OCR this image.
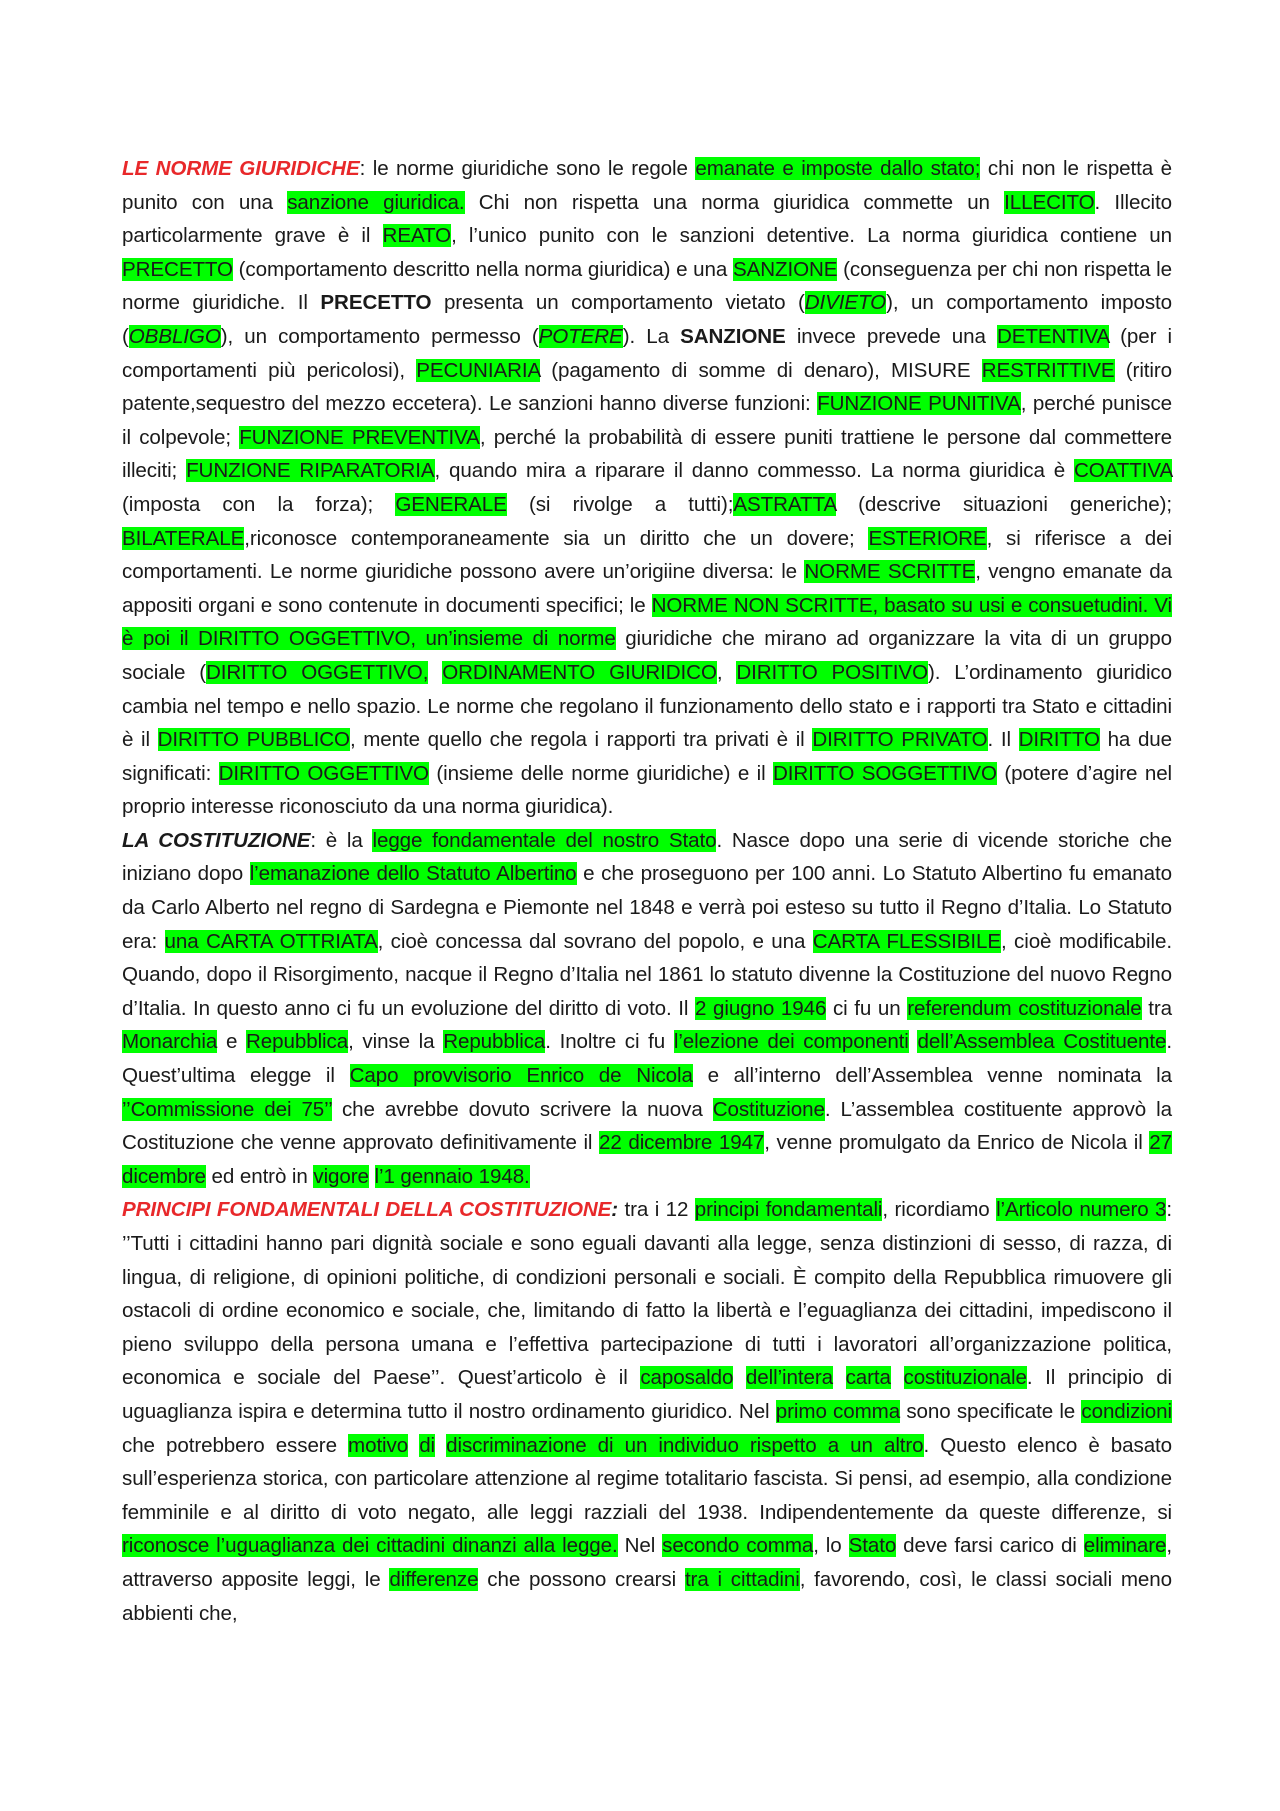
LE NORME GIURIDICHE: le norme giuridiche sono le regole emanate e imposte dallo stato; chi non le rispetta è punito con una sanzione giuridica. Chi non rispetta una norma giuridica commette un ILLECITO. Illecito particolarmente grave è il REATO, l’unico punito con le sanzioni detentive. La norma giuridica contiene un PRECETTO (comportamento descritto nella norma giuridica) e una SANZIONE (conseguenza per chi non rispetta le norme giuridiche. Il PRECETTO presenta un comportamento vietato (DIVIETO), un comportamento imposto (OBBLIGO), un comportamento permesso (POTERE). La SANZIONE invece prevede una DETENTIVA (per i comportamenti più pericolosi), PECUNIARIA (pagamento di somme di denaro), MISURE RESTRITTIVE (ritiro patente,sequestro del mezzo eccetera). Le sanzioni hanno diverse funzioni: FUNZIONE PUNITIVA, perché punisce il colpevole; FUNZIONE PREVENTIVA, perché la probabilità di essere puniti trattiene le persone dal commettere illeciti; FUNZIONE RIPARATORIA, quando mira a riparare il danno commesso. La norma giuridica è COATTIVA (imposta con la forza); GENERALE (si rivolge a tutti);ASTRATTA (descrive situazioni generiche); BILATERALE,riconosce contemporaneamente sia un diritto che un dovere; ESTERIORE, si riferisce a dei comportamenti. Le norme giuridiche possono avere un’origiine diversa: le NORME SCRITTE, vengno emanate da appositi organi e sono contenute in documenti specifici; le NORME NON SCRITTE, basato su usi e consuetudini. Vi è poi il DIRITTO OGGETTIVO, un’insieme di norme giuridiche che mirano ad organizzare la vita di un gruppo sociale (DIRITTO OGGETTIVO, ORDINAMENTO GIURIDICO, DIRITTO POSITIVO). L’ordinamento giuridico cambia nel tempo e nello spazio. Le norme che regolano il funzionamento dello stato e i rapporti tra Stato e cittadini è il DIRITTO PUBBLICO, mente quello che regola i rapporti tra privati è il DIRITTO PRIVATO. Il DIRITTO ha due significati: DIRITTO OGGETTIVO (insieme delle norme giuridiche) e il DIRITTO SOGGETTIVO (potere d’agire nel proprio interesse riconosciuto da una norma giuridica).

LA COSTITUZIONE: è la legge fondamentale del nostro Stato. Nasce dopo una serie di vicende storiche che iniziano dopo l’emanazione dello Statuto Albertino e che proseguono per 100 anni. Lo Statuto Albertino fu emanato da Carlo Alberto nel regno di Sardegna e Piemonte nel 1848 e verrà poi esteso su tutto il Regno d’Italia. Lo Statuto era: una CARTA OTTRIATA, cioè concessa dal sovrano del popolo, e una CARTA FLESSIBILE, cioè modificabile. Quando, dopo il Risorgimento, nacque il Regno d’Italia nel 1861 lo statuto divenne la Costituzione del nuovo Regno d’Italia. In questo anno ci fu un evoluzione del diritto di voto. Il 2 giugno 1946 ci fu un referendum costituzionale tra Monarchia e Repubblica, vinse la Repubblica. Inoltre ci fu l’elezione dei componenti dell’Assemblea Costituente. Quest’ultima elegge il Capo provvisorio Enrico de Nicola e all’interno dell’Assemblea venne nominata la ’’Commissione dei 75’’ che avrebbe dovuto scrivere la nuova Costituzione. L’assemblea costituente approvò la Costituzione che venne approvato definitivamente il 22 dicembre 1947, venne promulgato da Enrico de Nicola il 27 dicembre ed entrò in vigore l’1 gennaio 1948.

PRINCIPI FONDAMENTALI DELLA COSTITUZIONE: tra i 12 principi fondamentali, ricordiamo l’Articolo numero 3: ’’Tutti i cittadini hanno pari dignità sociale e sono eguali davanti alla legge, senza distinzioni di sesso, di razza, di lingua, di religione, di opinioni politiche, di condizioni personali e sociali. È compito della Repubblica rimuovere gli ostacoli di ordine economico e sociale, che, limitando di fatto la libertà e l’eguaglianza dei cittadini, impediscono il pieno sviluppo della persona umana e l’effettiva partecipazione di tutti i lavoratori all’organizzazione politica, economica e sociale del Paese’’. Quest’articolo è il caposaldo dell’intera carta costituzionale. Il principio di uguaglianza ispira e determina tutto il nostro ordinamento giuridico. Nel primo comma sono specificate le condizioni che potrebbero essere motivo di discriminazione di un individuo rispetto a un altro. Questo elenco è basato sull’esperienza storica, con particolare attenzione al regime totalitario fascista. Si pensi, ad esempio, alla condizione femminile e al diritto di voto negato, alle leggi razziali del 1938. Indipendentemente da queste differenze, si riconosce l’uguaglianza dei cittadini dinanzi alla legge. Nel secondo comma, lo Stato deve farsi carico di eliminare, attraverso apposite leggi, le differenze che possono crearsi tra i cittadini, favorendo, così, le classi sociali meno abbienti che,
